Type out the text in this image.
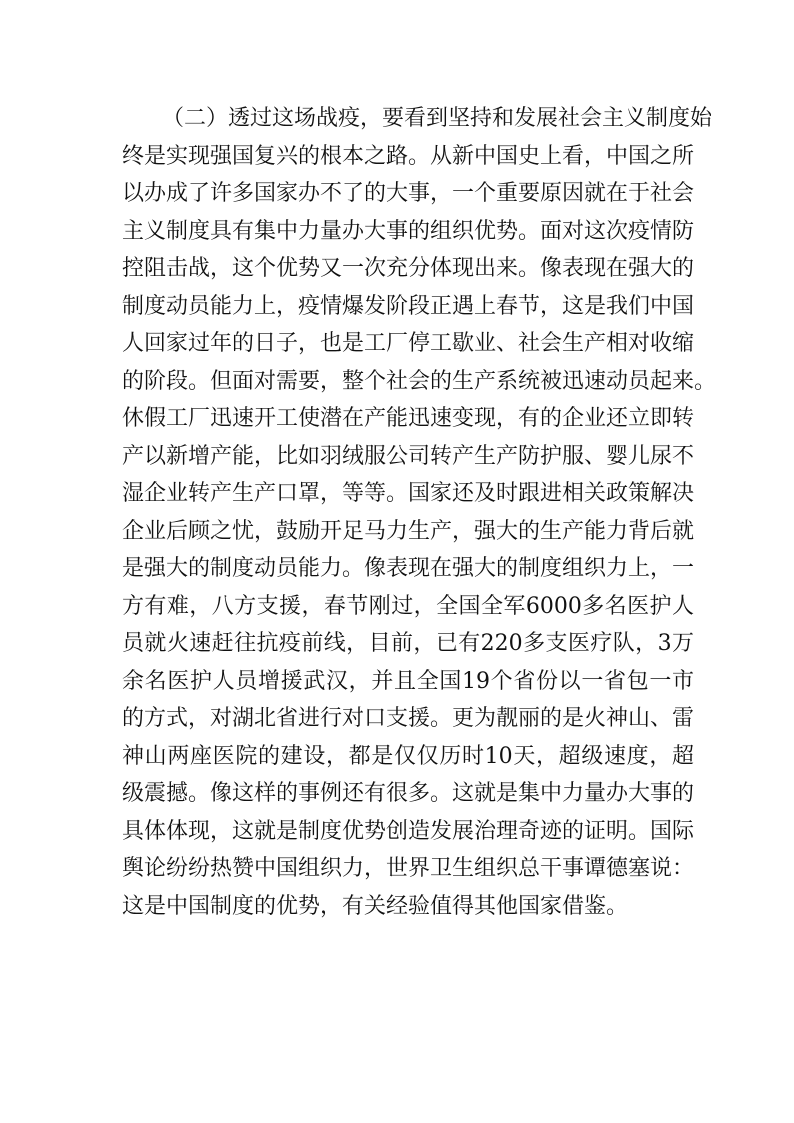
（二）透过这场战疫，要看到坚持和发展社会主义制度始
终是实现强国复兴的根本之路。从新中国史上看，中国之所
以办成了许多国家办不了的大事，一个重要原因就在于社会
主义制度具有集中力量办大事的组织优势。面对这次疫情防
控阻击战，这个优势又一次充分体现出来。像表现在强大的
制度动员能力上，疫情爆发阶段正遇上春节，这是我们中国
人回家过年的日子，也是工厂停工歇业、社会生产相对收缩
的阶段。但面对需要，整个社会的生产系统被迅速动员起来。
休假工厂迅速开工使潜在产能迅速变现，有的企业还立即转
产以新增产能，比如羽绒服公司转产生产防护服、婴儿尿不
湿企业转产生产口罩，等等。国家还及时跟进相关政策解决
企业后顾之忧，鼓励开足马力生产，强大的生产能力背后就
是强大的制度动员能力。像表现在强大的制度组织力上，一
方有难，八方支援，春节刚过，全国全军6000多名医护人
员就火速赶往抗疫前线，目前，已有220多支医疗队，3万
余名医护人员增援武汉，并且全国19个省份以一省包一市
的方式，对湖北省进行对口支援。更为靓丽的是火神山、雷
神山两座医院的建设，都是仅仅历时10天，超级速度，超
级震撼。像这样的事例还有很多。这就是集中力量办大事的
具体体现，这就是制度优势创造发展治理奇迹的证明。国际
舆论纷纷热赞中国组织力，世界卫生组织总干事谭德塞说：
这是中国制度的优势，有关经验值得其他国家借鉴。
